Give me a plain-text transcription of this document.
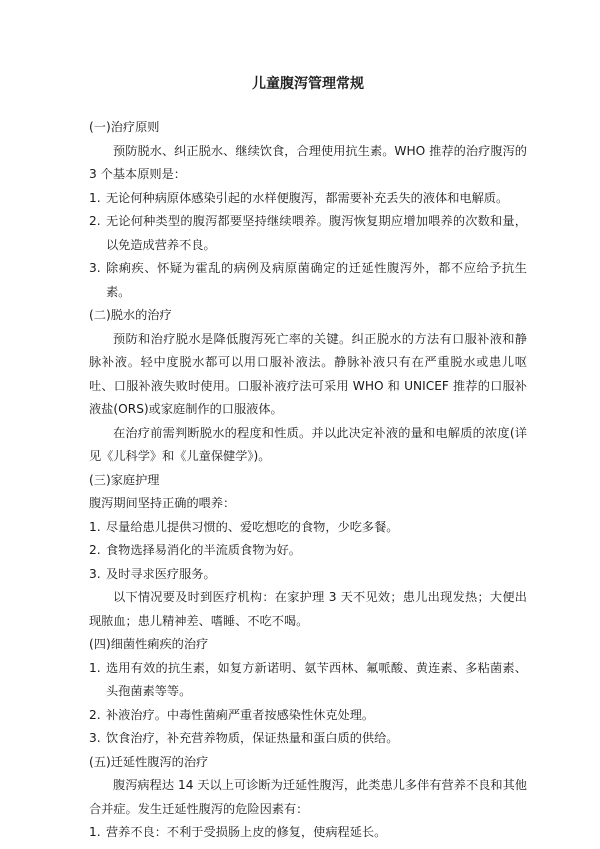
儿童腹泻管理常规

(一)治疗原则

预防脱水、纠正脱水、继续饮食，合理使用抗生素。WHO 推荐的治疗腹泻的 3 个基本原则是：

1. 无论何种病原体感染引起的水样便腹泻，都需要补充丢失的液体和电解质。
2. 无论何种类型的腹泻都要坚持继续喂养。腹泻恢复期应增加喂养的次数和量，以免造成营养不良。
3. 除痢疾、怀疑为霍乱的病例及病原菌确定的迁延性腹泻外，都不应给予抗生素。

(二)脱水的治疗

预防和治疗脱水是降低腹泻死亡率的关键。纠正脱水的方法有口服补液和静脉补液。轻中度脱水都可以用口服补液法。静脉补液只有在严重脱水或患儿呕吐、口服补液失败时使用。口服补液疗法可采用 WHO 和 UNICEF 推荐的口服补液盐(ORS)或家庭制作的口服液体。

在治疗前需判断脱水的程度和性质。并以此决定补液的量和电解质的浓度(详见《儿科学》和《儿童保健学》)。

(三)家庭护理

腹泻期间坚持正确的喂养：

1. 尽量给患儿提供习惯的、爱吃想吃的食物，少吃多餐。
2. 食物选择易消化的半流质食物为好。
3. 及时寻求医疗服务。

以下情况要及时到医疗机构：在家护理 3 天不见效；患儿出现发热；大便出现脓血；患儿精神差、嗜睡、不吃不喝。

(四)细菌性痢疾的治疗

1. 选用有效的抗生素，如复方新诺明、氨苄西林、氟哌酸、黄连素、多粘菌素、头孢菌素等等。
2. 补液治疗。中毒性菌痢严重者按感染性休克处理。
3. 饮食治疗，补充营养物质，保证热量和蛋白质的供给。

(五)迁延性腹泻的治疗

腹泻病程达 14 天以上可诊断为迁延性腹泻，此类患儿多伴有营养不良和其他合并症。发生迁延性腹泻的危险因素有：

1. 营养不良：不利于受损肠上皮的修复，使病程延长。
